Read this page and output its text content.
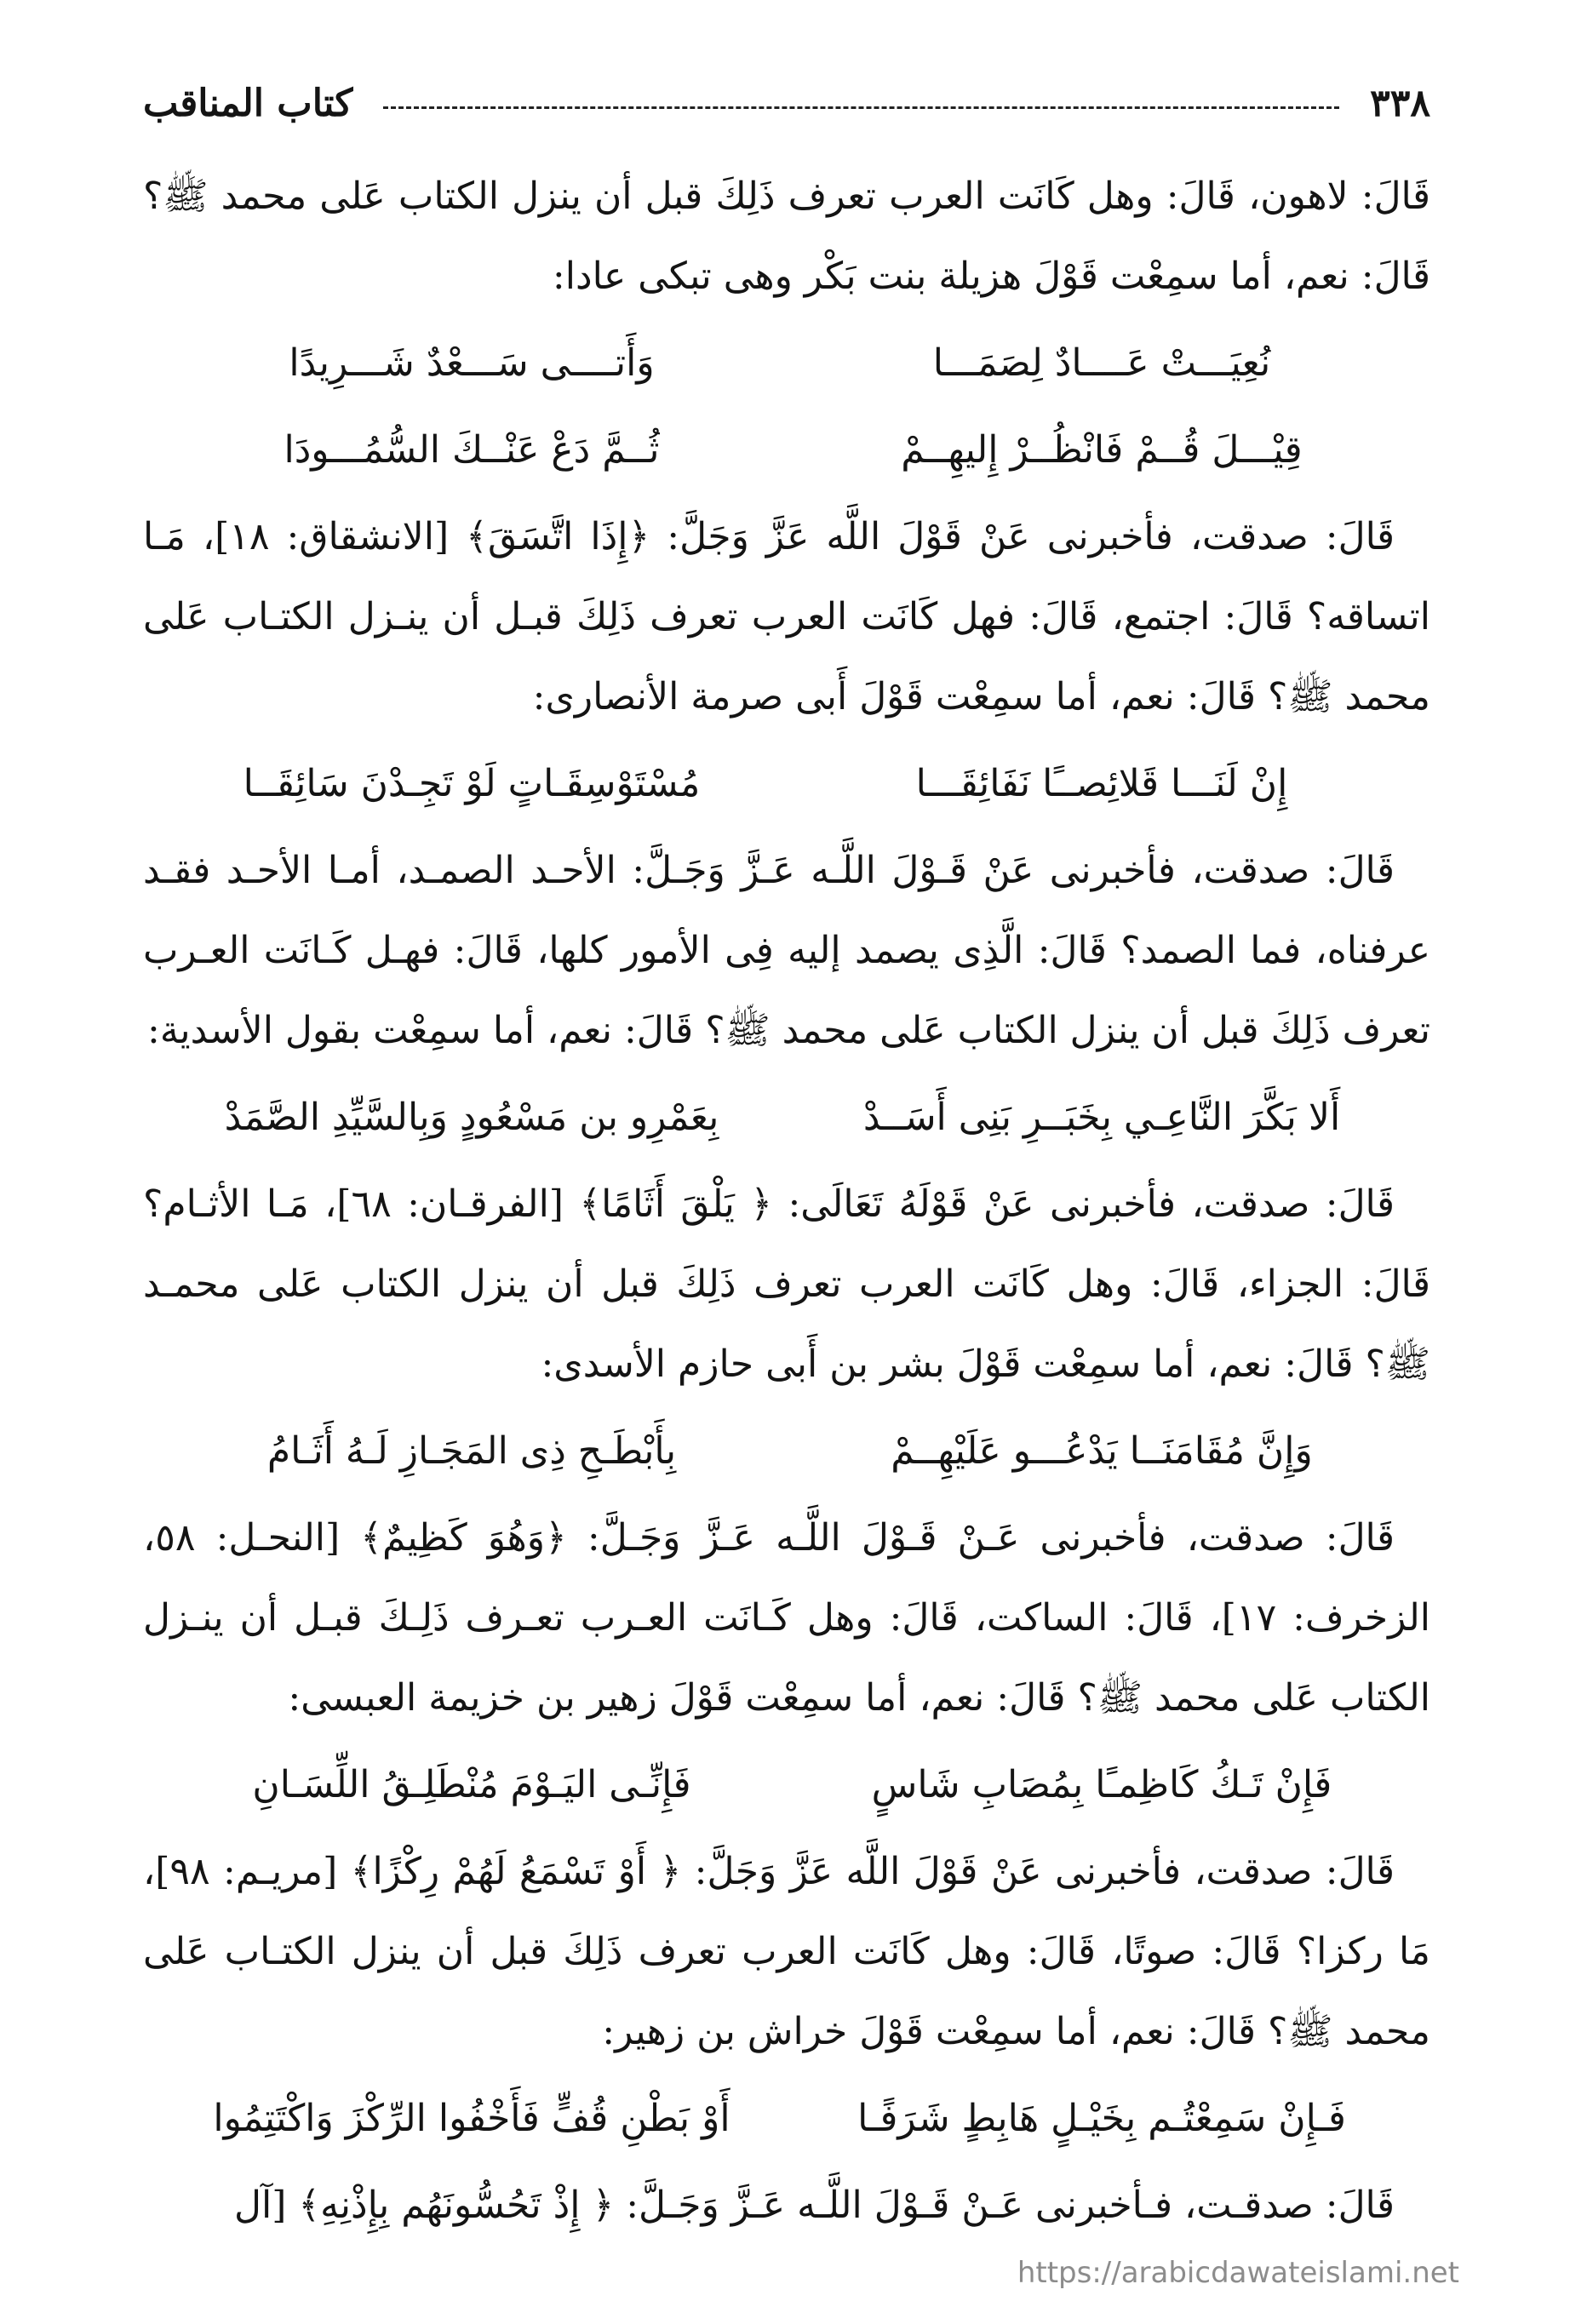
٣٣٨
كتاب المناقب

قَالَ: لاهون، قَالَ: وهل كَانَت العرب تعرف ذَلِكَ قبل أن ينزل الكتاب عَلى محمد ﷺ؟ قَالَ: نعم، أما سمِعْت قَوْلَ هزيلة بنت بَكْر وهى تبكى عادا:

نُعِيَـــتْ عَــــادٌ لِصَمَـــا
وَأَتــــى سَـــعْدٌ شَـــرِيدًا
قِيْـــلَ قُــمْ فَانْظُــرْ إِليهِــمْ
ثُــمَّ دَعْ عَنْــكَ السُّمُـــودَا

قَالَ: صدقت، فأخبرنى عَنْ قَوْلَ اللَّه عَزَّ وَجَلَّ: ﴿إِذَا اتَّسَقَ﴾ [الانشقاق: ١٨]، مَـا اتساقه؟ قَالَ: اجتمع، قَالَ: فهل كَانَت العرب تعرف ذَلِكَ قبـل أن ينـزل الكتـاب عَلى محمد ﷺ؟ قَالَ: نعم، أما سمِعْت قَوْلَ أَبى صرمة الأنصارى:

إِنْ لَنَـــا قَلائِصــًا نَفَائِقَـــا
مُسْتَوْسِقَـاتٍ لَوْ تَجِـدْنَ سَائِقَــا

قَالَ: صدقت، فأخبرنى عَنْ قَـوْلَ اللَّـه عَـزَّ وَجَـلَّ: الأحـد الصمـد، أمـا الأحـد فقـد عرفناه، فما الصمد؟ قَالَ: الَّذِى يصمد إليه فِى الأمور كلها، قَالَ: فهـل كَـانَت العـرب تعرف ذَلِكَ قبل أن ينزل الكتاب عَلى محمد ﷺ؟ قَالَ: نعم، أما سمِعْت بقول الأسدية:

أَلا بَكَّرَ النَّاعِـي بِخَبَــرِ بَنِى أَسَــدْ
بِعَمْرِو بن مَسْعُودٍ وَبِالسَّيِّدِ الصَّمَدْ

قَالَ: صدقت، فأخبرنى عَنْ قَوْلَهُ تَعَالَى: ﴿ يَلْقَ أَثَامًا﴾ [الفرقـان: ٦٨]، مَـا الأثـام؟ قَالَ: الجزاء، قَالَ: وهل كَانَت العرب تعرف ذَلِكَ قبل أن ينزل الكتاب عَلى محمـد ﷺ؟ قَالَ: نعم، أما سمِعْت قَوْلَ بشر بن أَبى حازم الأسدى:

وَإِنَّ مُقَامَنَــا يَدْعُـــو عَلَيْهِــمْ
بِأَبْطَـحِ ذِى المَجَـازِ لَـهُ أَثَـامُ

قَالَ: صدقت، فأخبرنى عَـنْ قَـوْلَ اللَّـه عَـزَّ وَجَـلَّ: ﴿وَهُوَ كَظِيمٌ﴾ [النحـل: ٥٨، الزخرف: ١٧]، قَالَ: الساكت، قَالَ: وهل كَـانَت العـرب تعـرف ذَلِـكَ قبـل أن ينـزل الكتاب عَلى محمد ﷺ؟ قَالَ: نعم، أما سمِعْت قَوْلَ زهير بن خزيمة العبسى:

فَإِنْ تَـكُ كَاظِمـًا بِمُصَابِ شَاسٍ
فَإِنِّـى اليَـوْمَ مُنْطَلِـقُ اللِّسَـانِ

قَالَ: صدقت، فأخبرنى عَنْ قَوْلَ اللَّه عَزَّ وَجَلَّ: ﴿ أَوْ تَسْمَعُ لَهُمْ رِكْزًا﴾ [مريـم: ٩٨]، مَا ركزا؟ قَالَ: صوتًا، قَالَ: وهل كَانَت العرب تعرف ذَلِكَ قبل أن ينزل الكتـاب عَلى محمد ﷺ؟ قَالَ: نعم، أما سمِعْت قَوْلَ خراش بن زهير:

فَـإِنْ سَمِعْتُـم بِخَيْـلٍ هَابِطٍ شَرَفًـا
أَوْ بَطْنِ قُفٍّ فَأَخْفُوا الرِّكْزَ وَاكْتَتِمُوا

قَالَ: صدقـت، فـأخبرنى عَـنْ قَـوْلَ اللَّـه عَـزَّ وَجَـلَّ: ﴿ إِذْ تَحُسُّونَهُم بِإِذْنِهِ﴾ [آل

https://arabicdawateislami.net
